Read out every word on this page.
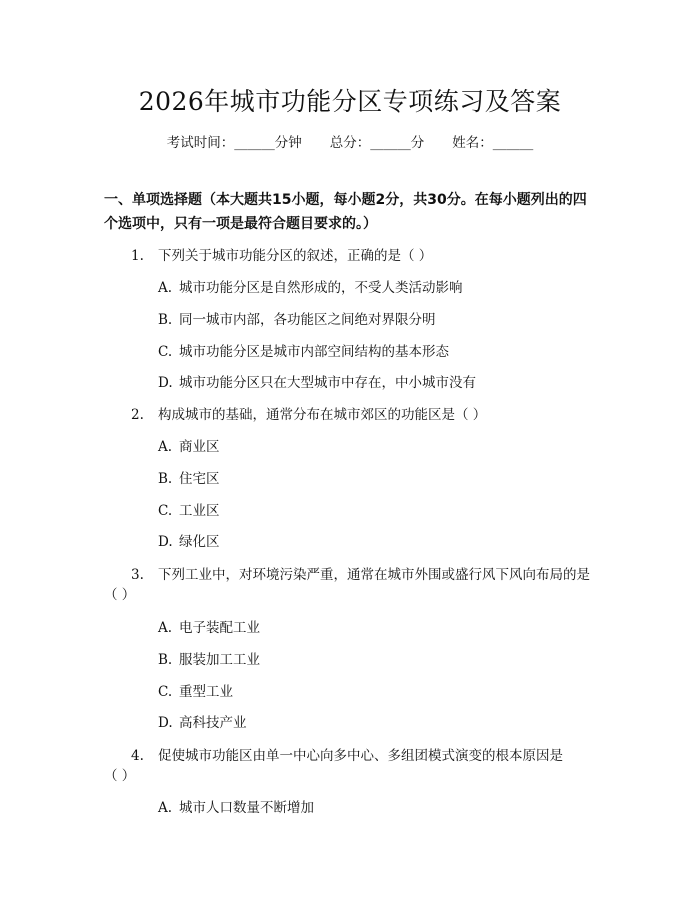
2026年城市功能分区专项练习及答案
考试时间：______分钟 总分：______分 姓名：______
一、单项选择题（本大题共15小题，每小题2分，共30分。在每小题列出的四
个选项中，只有一项是最符合题目要求的。）
1. 下列关于城市功能分区的叙述，正确的是（ ）
A. 城市功能分区是自然形成的，不受人类活动影响
B. 同一城市内部，各功能区之间绝对界限分明
C. 城市功能分区是城市内部空间结构的基本形态
D. 城市功能分区只在大型城市中存在，中小城市没有
2. 构成城市的基础，通常分布在城市郊区的功能区是（ ）
A. 商业区
B. 住宅区
C. 工业区
D. 绿化区
3. 下列工业中，对环境污染严重，通常在城市外围或盛行风下风向布局的是
（ ）
A. 电子装配工业
B. 服装加工工业
C. 重型工业
D. 高科技产业
4. 促使城市功能区由单一中心向多中心、多组团模式演变的根本原因是
（ ）
A. 城市人口数量不断增加
